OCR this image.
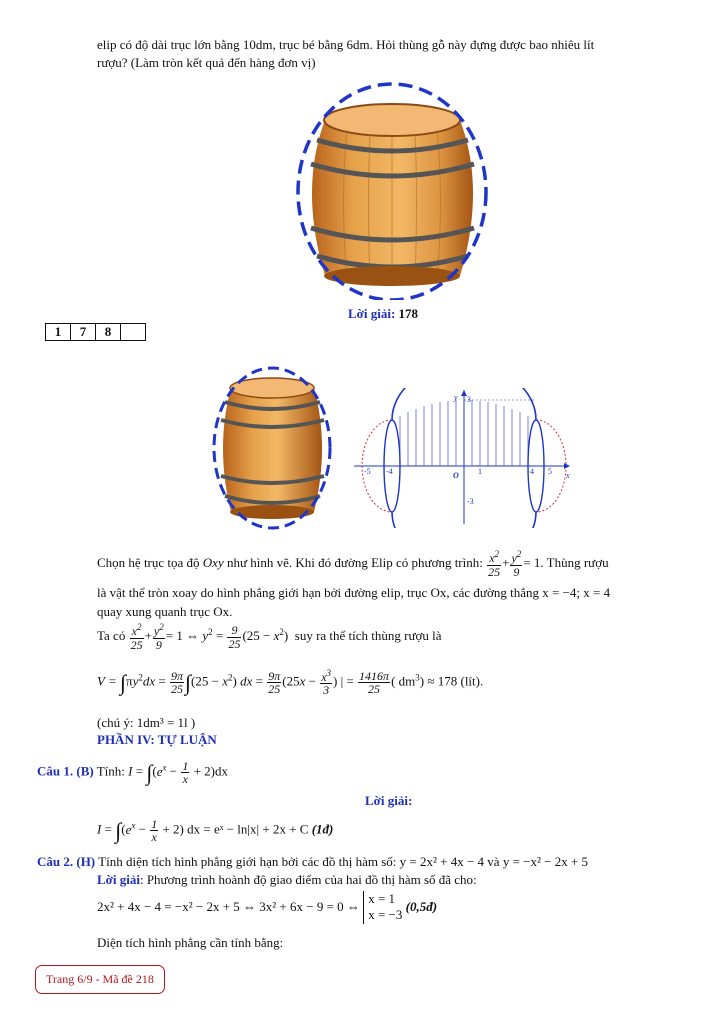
elip có độ dài trục lớn bằng 10dm, trục bé bằng 6dm. Hỏi thùng gỗ này đựng được bao nhiêu lít
rượu? (Làm tròn kết quả đến hàng đơn vị)
Lời giải: 178
1	7	8	
y
x
O
-5 -4	1	4 5
3
-3
Chọn hệ trục tọa độ Oxy như hình vẽ. Khi đó đường Elip có phương trình: $\frac{x^2}{25} + \frac{y^2}{9} = 1$. Thùng rượu
là vật thể tròn xoay do hình phẳng giới hạn bởi đường elip, trục Ox, các đường thẳng x = −4; x = 4
quay xung quanh trục Ox.
Ta có $\frac{x^2}{25} + \frac{y^2}{9} = 1$ ⇔ $y^2 = \frac{9}{25} (25 - x^2)$  suy ra thể tích thùng rượu là
$V = \int\pi y^2dx = \frac{9\pi}{25} \int(25 - x^2)$ dx = $\frac{9\pi}{25} (25x - \frac{x^3}{3}$ ) | = $\frac{1416\pi}{25}$ ( $dm^3) \approx 178$ (lít).
(chú ý: 1dm³ = 1l )
PHẦN IV: TỰ LUẬN
Câu 1. (B) Tính: $I = \int(e^x - \frac{1}{x} + 2)dx$
Lời giải:
$I = \int(e^x - \frac{1}{x} + 2)$ dx = eˣ − ln|x| + 2x + C (1đ)
Câu 2. (H) Tính diện tích hình phẳng giới hạn bởi các đồ thị hàm số: y = 2x² + 4x − 4 và y = −x² − 2x + 5
Lời giải: Phương trình hoành độ giao điểm của hai đồ thị hàm số đã cho:
2x² + 4x − 4 = −x² − 2x + 5 ⇔ 3x² + 6x − 9 = 0 ⇔
x = 1
x = −3
(0,5đ)
Diện tích hình phẳng cần tính bằng:
Trang 6/9 - Mã đề 218
